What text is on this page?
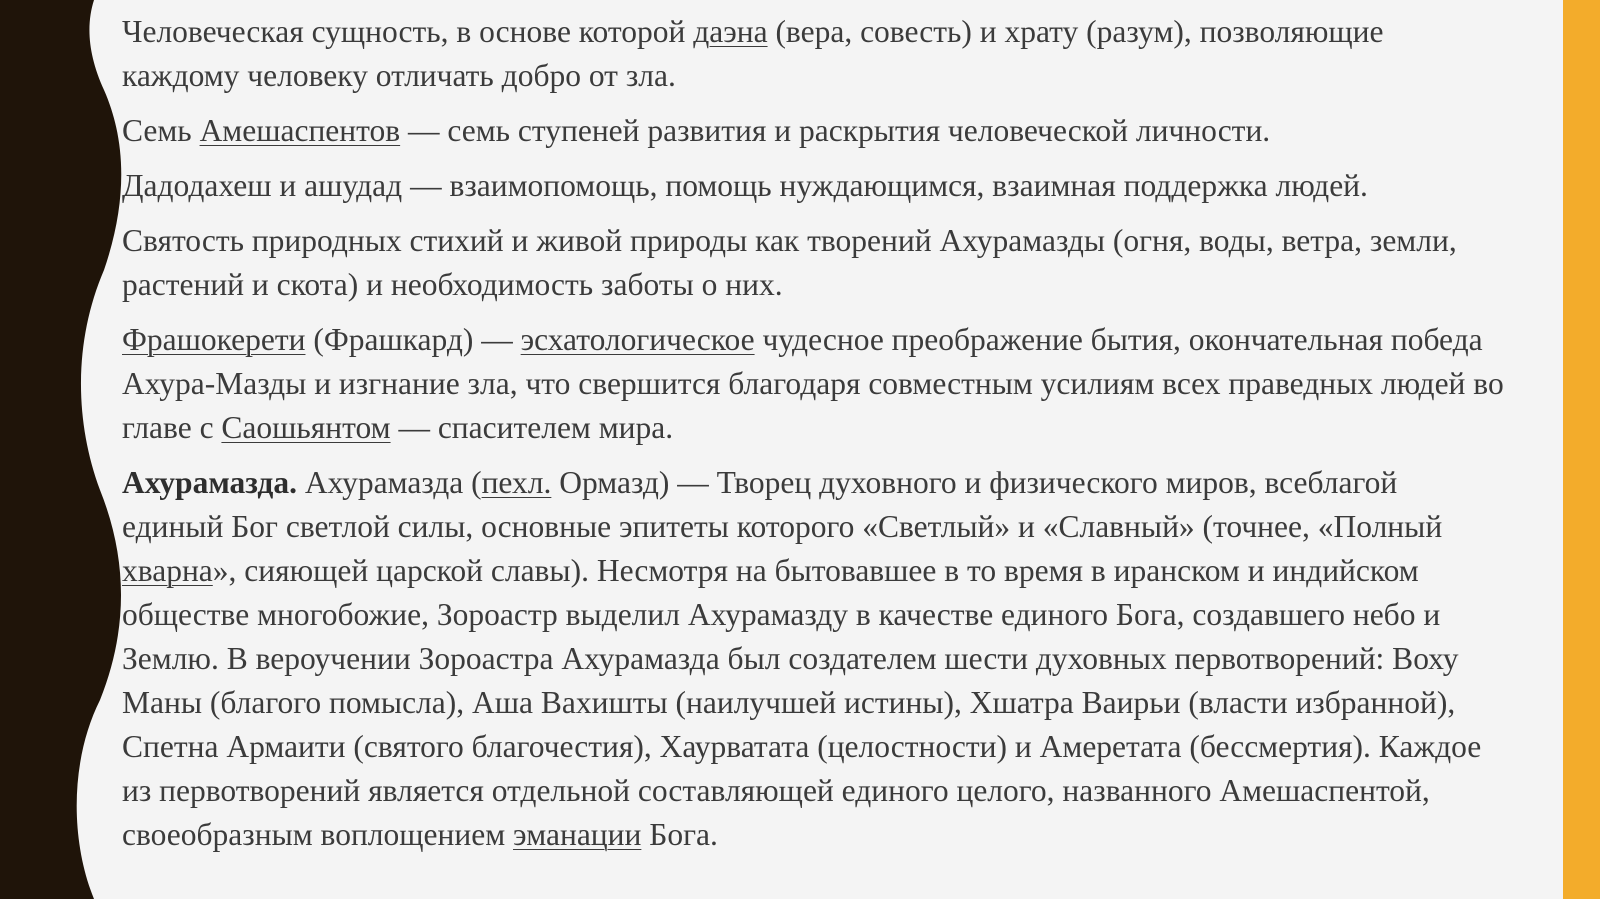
Человеческая сущность, в основе которой даэна (вера, совесть) и храту (разум), позволяющие
каждому человеку отличать добро от зла.

Семь Амешаспентов — семь ступеней развития и раскрытия человеческой личности.

Дадодахеш и ашудад — взаимопомощь, помощь нуждающимся, взаимная поддержка людей.

Святость природных стихий и живой природы как творений Ахурамазды (огня, воды, ветра, земли,
растений и скота) и необходимость заботы о них.

Фрашокерети (Фрашкард) — эсхатологическое чудесное преображение бытия, окончательная победа
Ахура-Мазды и изгнание зла, что свершится благодаря совместным усилиям всех праведных людей во
главе с Саошьянтом — спасителем мира.

Ахурамазда. Ахурамазда (пехл. Ормазд) — Творец духовного и физического миров, всеблагой
единый Бог светлой силы, основные эпитеты которого «Светлый» и «Славный» (точнее, «Полный
хварна», сияющей царской славы). Несмотря на бытовавшее в то время в иранском и индийском
обществе многобожие, Зороастр выделил Ахурамазду в качестве единого Бога, создавшего небо и
Землю. В вероучении Зороастра Ахурамазда был создателем шести духовных первотворений: Воху
Маны (благого помысла), Аша Вахишты (наилучшей истины), Хшатра Ваирьи (власти избранной),
Спетна Армаити (святого благочестия), Хаурватата (целостности) и Амеретата (бессмертия). Каждое
из первотворений является отдельной составляющей единого целого, названного Амешаспентой,
своеобразным воплощением эманации Бога.
